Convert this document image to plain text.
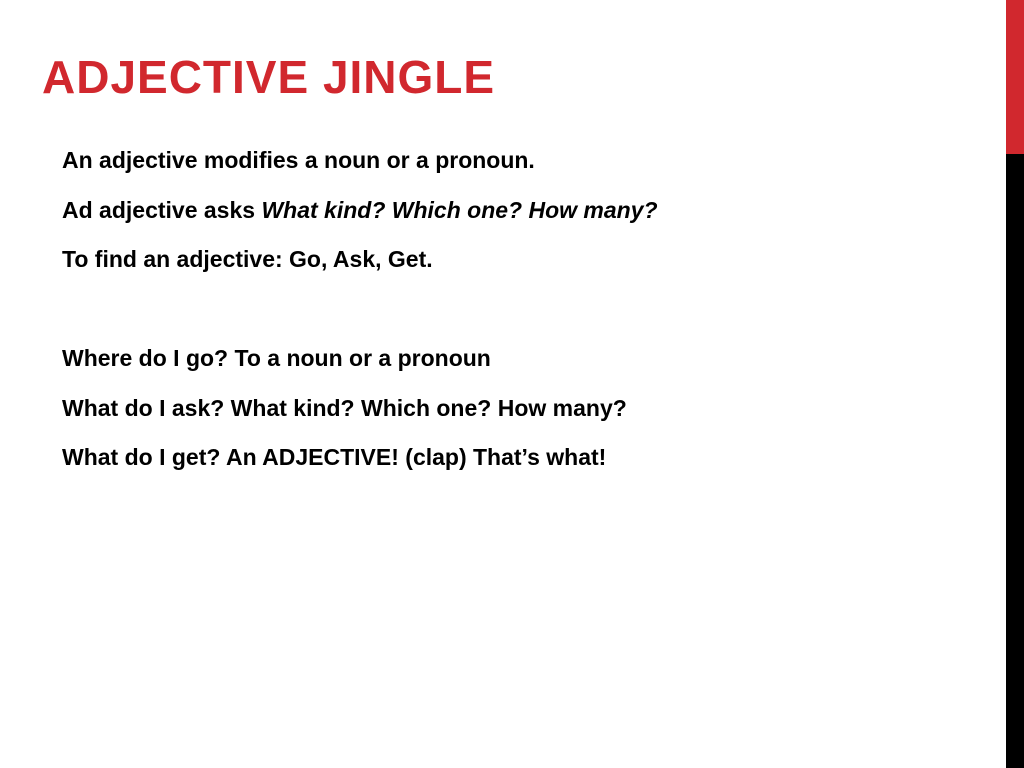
ADJECTIVE JINGLE
An adjective modifies a noun or a pronoun.
Ad adjective asks What kind? Which one? How many?
To find an adjective: Go, Ask, Get.
Where do I go? To a noun or a pronoun
What do I ask? What kind? Which one? How many?
What do I get? An ADJECTIVE! (clap) That’s what!
